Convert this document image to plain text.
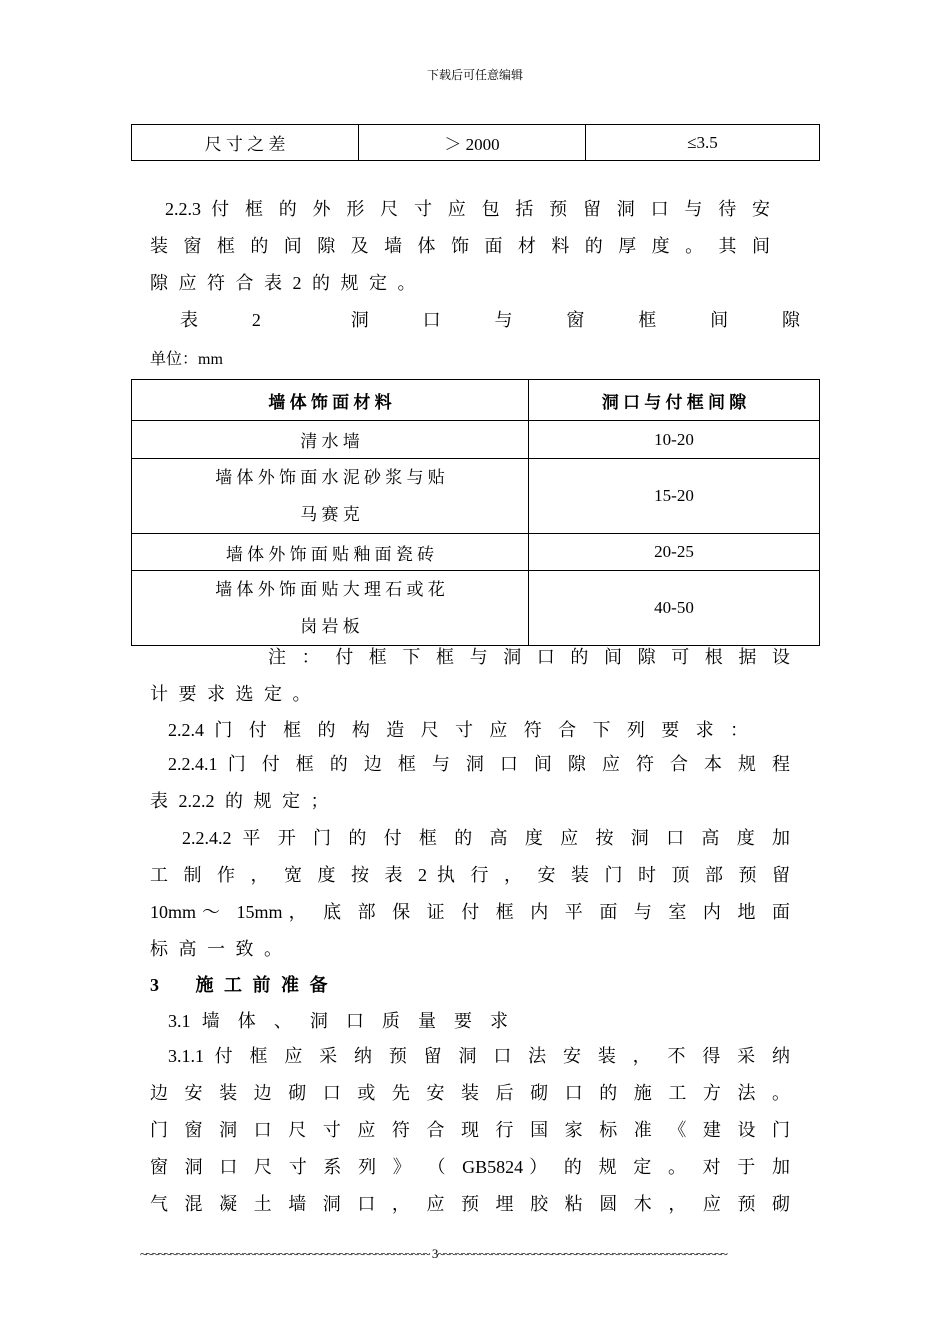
下载后可任意编辑
尺 寸 之 差	＞ 2000	≤3.5
2.2.3 付 框 的 外 形 尺 寸 应 包 括 预 留 洞 口 与 待 安
装 窗 框 的 间 隙 及 墙 体 饰 面 材 料 的 厚 度 。 其 间
隙 应 符 合 表 2 的 规 定 。
表　2　　洞　口　与　窗　框　间　隙
单位：mm
墙 体 饰 面 材 料	洞 口 与 付 框 间 隙
清 水 墙	10-20

墙 体 外 饰 面 水 泥 砂 浆 与 贴
马 赛 克	15-20
墙 体 外 饰 面 贴 釉 面 瓷 砖	20-25

墙 体 外 饰 面 贴 大 理 石 或 花
岗 岩 板	40-50
注 ： 付 框 下 框 与 洞 口 的 间 隙 可 根 据 设
计 要 求 选 定 。
2.2.4 门 付 框 的 构 造 尺 寸 应 符 合 下 列 要 求 ：
2.2.4.1 门 付 框 的 边 框 与 洞 口 间 隙 应 符 合 本 规 程
表 2.2.2 的 规 定 ；
2.2.4.2 平 开 门 的 付 框 的 高 度 应 按 洞 口 高 度 加
工 制 作 ， 宽 度 按 表 2 执 行 ， 安 装 门 时 顶 部 预 留
10mm～ 15mm， 底 部 保 证 付 框 内 平 面 与 室 内 地 面
标 高 一 致 。
3 施 工 前 准 备
3.1 墙 体 、 洞 口 质 量 要 求
3.1.1 付 框 应 采 纳 预 留 洞 口 法 安 装 ， 不 得 采 纳
边 安 装 边 砌 口 或 先 安 装 后 砌 口 的 施 工 方 法 。
门 窗 洞 口 尺 寸 应 符 合 现 行 国 家 标 准 《 建 设 门
窗 洞 口 尺 寸 系 列 》 （ GB5824） 的 规 定 。 对 于 加
气 混 凝 土 墙 洞 口 ， 应 预 埋 胶 粘 圆 木 ， 应 预 砌
~~~~~~~~~~~~~~~~~~~~~~~~~~~~~~~~~~~~~~~~~~~~~~~~ 3~~~~~~~~~~~~~~~~~~~~~~~~~~~~~~~~~~~~~~~~~~~~~~~~
